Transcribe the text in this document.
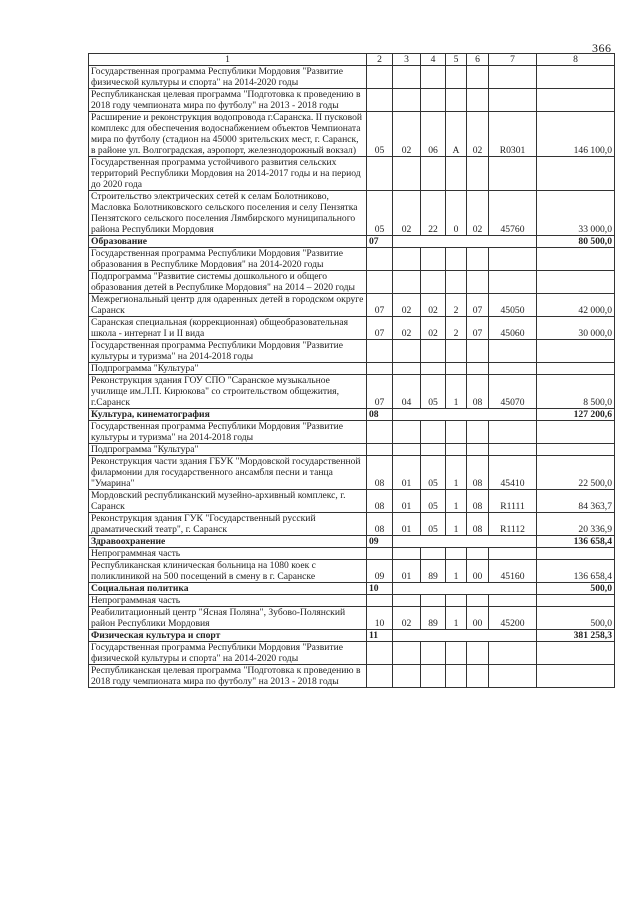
366
1	2	3	4	5	6	7	8
Государственная программа Республики Мордовия "Развитие физической культуры и спорта" на 2014-2020 годы							
Республиканская целевая программа "Подготовка к проведению в 2018 году чемпионата мира по футболу" на 2013 - 2018 годы							
Расширение и реконструкция водопровода г.Саранска. II пусковой комплекс для обеспечения водоснабжением объектов Чемпионата мира по футболу (стадион на 45000 зрительских мест, г. Саранск, в районе ул. Волгоградская, аэропорт, железнодорожный вокзал)	05	02	06	А	02	R0301	146 100,0
Государственная программа устойчивого развития сельских территорий Республики Мордовия на 2014-2017 годы и на период до 2020 года							
Строительство электрических сетей к селам Болотниково, Масловка Болотниковского сельского поселения и селу Пензятка Пензятского сельского поселения Лямбирского муниципального района Республики Мордовия	05	02	22	0	02	45760	33 000,0
Образование	07						80 500,0
Государственная программа Республики Мордовия "Развитие образования в Республике Мордовия" на 2014-2020 годы							
Подпрограмма "Развитие системы дошкольного и общего образования детей в Республике Мордовия" на 2014 – 2020 годы							
Межрегиональный центр для одаренных детей в городском округе Саранск	07	02	02	2	07	45050	42 000,0
Саранская специальная (коррекционная) общеобразовательная школа - интернат I и II вида	07	02	02	2	07	45060	30 000,0
Государственная программа Республики Мордовия "Развитие культуры и туризма" на 2014-2018 годы							
Подпрограмма "Культура"							
Реконструкция здания ГОУ СПО "Саранское музыкальное училище им.Л.П. Кирюкова" со строительством общежития, г.Саранск	07	04	05	1	08	45070	8 500,0
Культура, кинематография	08						127 200,6
Государственная программа Республики Мордовия "Развитие культуры и туризма" на 2014-2018 годы							
Подпрограмма "Культура"							
Реконструкция части здания ГБУК "Мордовской государственной филармонии для государственного ансамбля песни и танца "Умарина"	08	01	05	1	08	45410	22 500,0
Мордовский республиканский музейно-архивный комплекс, г. Саранск	08	01	05	1	08	R1111	84 363,7
Реконструкция здания ГУК "Государственный русский драматический театр", г. Саранск	08	01	05	1	08	R1112	20 336,9
Здравоохранение	09						136 658,4
Непрограммная часть							
Республиканская клиническая больница на 1080 коек с поликлиникой на 500 посещений в смену в г. Саранске	09	01	89	1	00	45160	136 658,4
Социальная политика	10						500,0
Непрограммная часть							
Реабилитационный центр "Ясная Поляна", Зубово-Полянский район Республики Мордовия	10	02	89	1	00	45200	500,0
Физическая культура и спорт	11						381 258,3
Государственная программа Республики Мордовия "Развитие физической культуры и спорта" на 2014-2020 годы							
Республиканская целевая программа "Подготовка к проведению в 2018 году чемпионата мира по футболу" на 2013 - 2018 годы							
